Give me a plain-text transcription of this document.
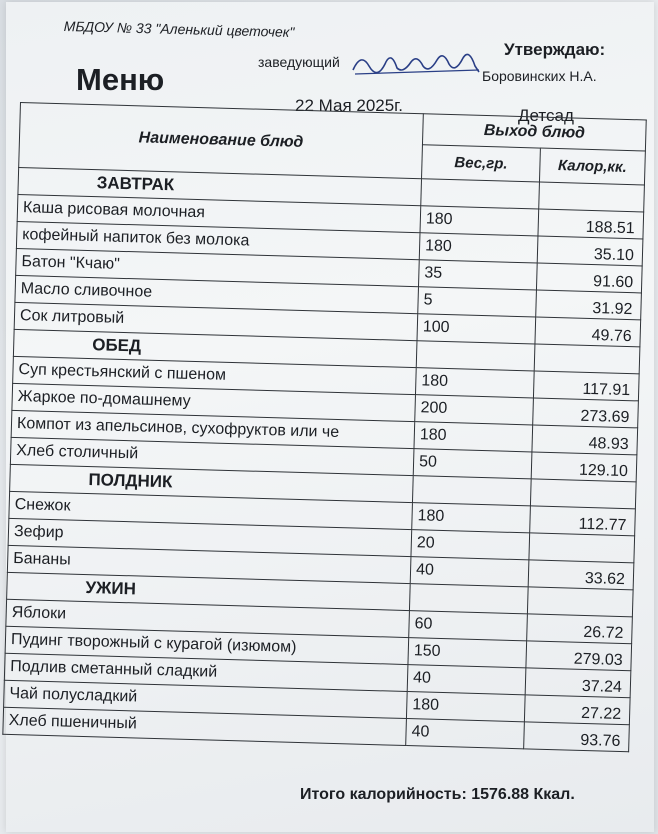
МБДОУ № 33 "Аленький цветочек"
Утверждаю:
Меню	заведующий
Боровинских Н.А.
22 Мая 2025г.
Детсад
Наименование блюд	Выход блюд	
	Вес,гр.	Калор,кк.
ЗАВТРАК		
Каша рисовая молочная	180	188.51
кофейный напиток без молока	180	35.10
Батон "Кчаю"	35	91.60
Масло сливочное	5	31.92
Сок литровый	100	49.76
ОБЕД		
Суп крестьянский с пшеном	180	117.91
Жаркое по-домашнему	200	273.69
Компот из апельсинов, сухофруктов или че	180	48.93
Хлеб столичный	50	129.10
ПОЛДНИК		
Снежок	180	112.77
Зефир	20	
Бананы	40	33.62
УЖИН		
Яблоки	60	26.72
Пудинг творожный с курагой (изюмом)	150	279.03
Подлив сметанный сладкий	40	37.24
Чай полусладкий	180	27.22
Хлеб пшеничный	40	93.76
Итого калорийность: 1576.88 Ккал.
